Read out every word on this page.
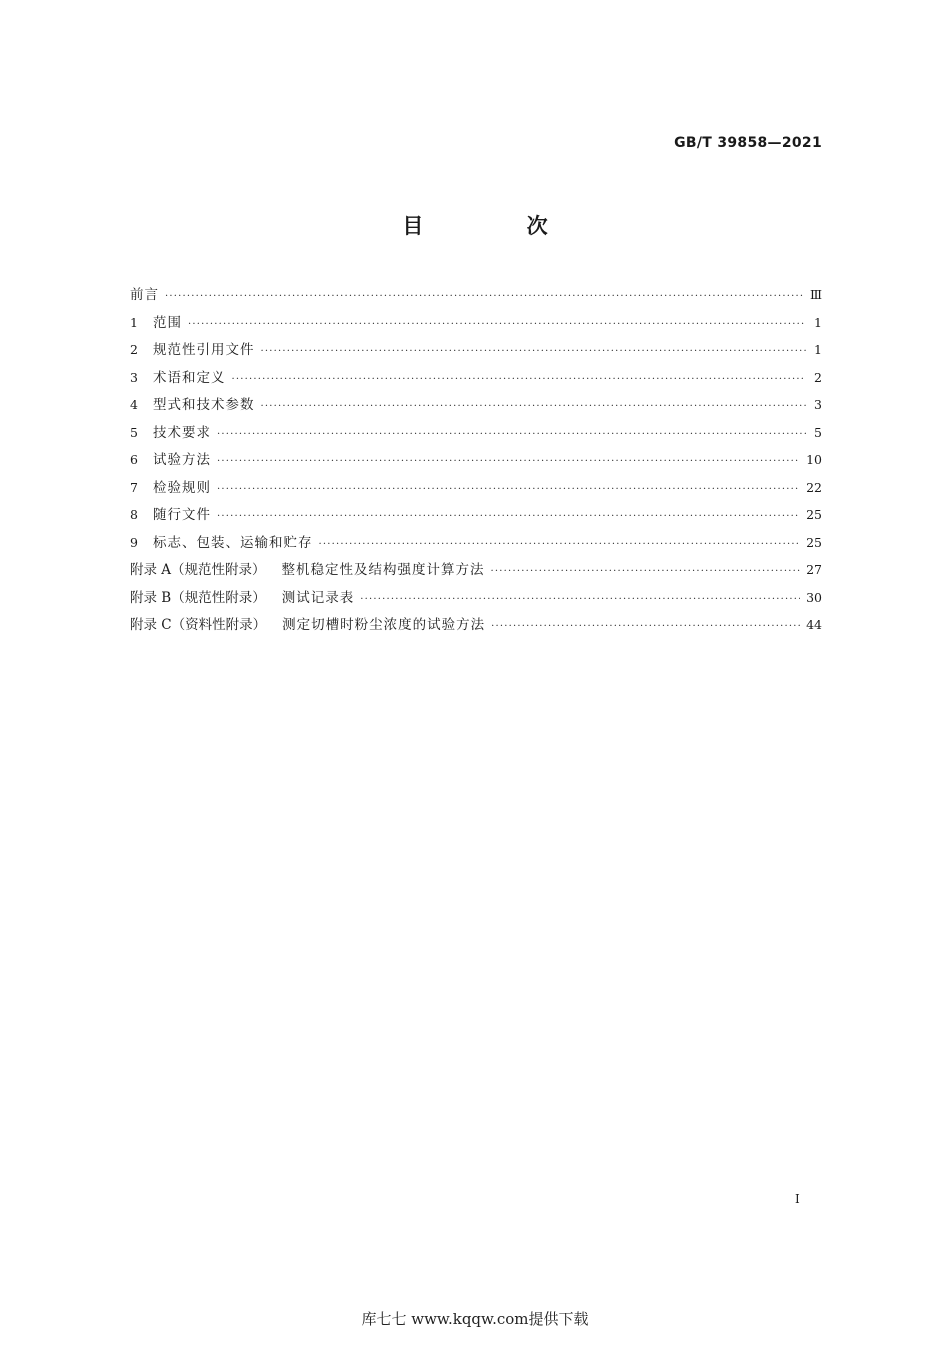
GB/T 39858—2021
目 次
前言 ·····	Ⅲ
1	范围 ·····	1
2	规范性引用文件 ·····	1
3	术语和定义 ·····	2
4	型式和技术参数 ·····	3
5	技术要求 ·····	5
6	试验方法 ·····	10
7	检验规则 ·····	22
8	随行文件 ·····	25
9	标志、包装、运输和贮存 ·····	25
附录 A（规范性附录） 整机稳定性及结构强度计算方法 ·····	27
附录 B（规范性附录） 测试记录表 ·····	30
附录 C（资料性附录） 测定切槽时粉尘浓度的试验方法 ·····	44
I
库七七 www.kqqw.com提供下载
